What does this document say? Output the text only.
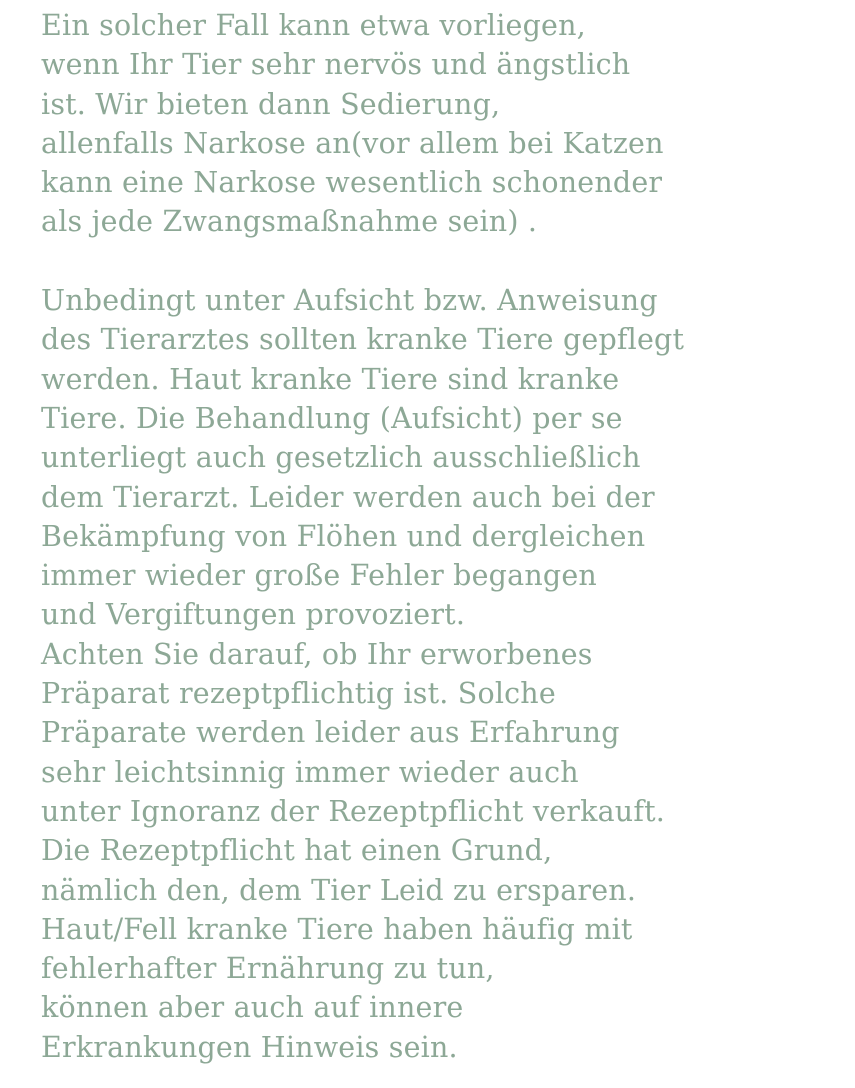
Ein solcher Fall kann etwa vorliegen,
wenn Ihr Tier sehr nervös und ängstlich
ist. Wir bieten dann Sedierung,
allenfalls Narkose an(vor allem bei Katzen
kann eine Narkose wesentlich schonender
als jede Zwangsmaßnahme sein) .
Unbedingt unter Aufsicht bzw. Anweisung
des Tierarztes sollten kranke Tiere gepflegt
werden. Haut kranke Tiere sind kranke
Tiere. Die Behandlung (Aufsicht) per se
unterliegt auch gesetzlich ausschließlich
dem Tierarzt. Leider werden auch bei der
Bekämpfung von Flöhen und dergleichen
immer wieder große Fehler begangen
und Vergiftungen provoziert.
Achten Sie darauf, ob Ihr erworbenes
Präparat rezeptpflichtig ist. Solche
Präparate werden leider aus Erfahrung
sehr leichtsinnig immer wieder auch
unter Ignoranz der Rezeptpflicht verkauft.
Die Rezeptpflicht hat einen Grund,
nämlich den, dem Tier Leid zu ersparen.
Haut/Fell kranke Tiere haben häufig mit
fehlerhafter Ernährung zu tun,
können aber auch auf innere
Erkrankungen Hinweis sein.
